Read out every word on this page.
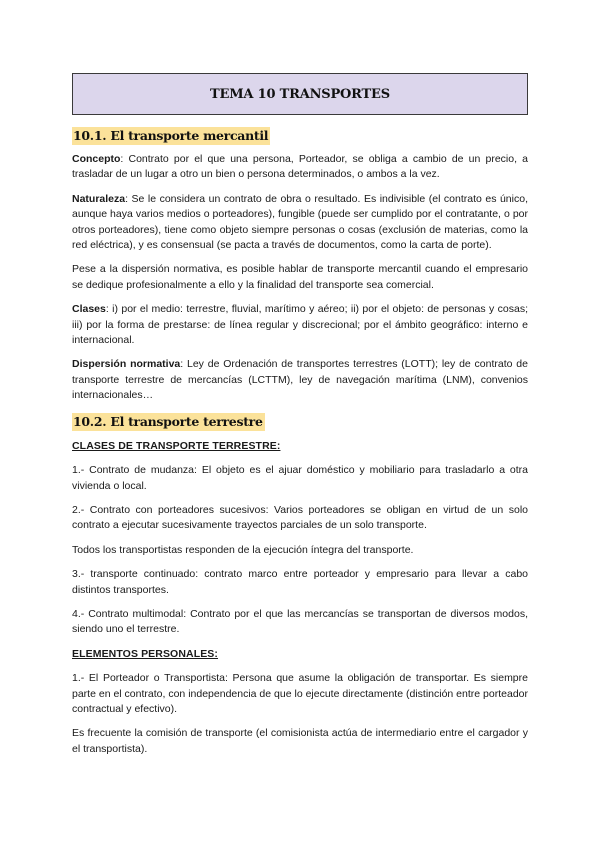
TEMA 10 TRANSPORTES
10.1. El transporte mercantil

Concepto: Contrato por el que una persona, Porteador, se obliga a cambio de un precio, a trasladar de un lugar a otro un bien o persona determinados, o ambos a la vez.

Naturaleza: Se le considera un contrato de obra o resultado. Es indivisible (el contrato es único, aunque haya varios medios o porteadores), fungible (puede ser cumplido por el contratante, o por otros porteadores), tiene como objeto siempre personas o cosas (exclusión de materias, como la red eléctrica), y es consensual (se pacta a través de documentos, como la carta de porte).

Pese a la dispersión normativa, es posible hablar de transporte mercantil cuando el empresario se dedique profesionalmente a ello y la finalidad del transporte sea comercial.

Clases: i) por el medio: terrestre, fluvial, marítimo y aéreo; ii) por el objeto: de personas y cosas; iii) por la forma de prestarse: de línea regular y discrecional; por el ámbito geográfico: interno e internacional.

Dispersión normativa: Ley de Ordenación de transportes terrestres (LOTT); ley de contrato de transporte terrestre de mercancías (LCTTM), ley de navegación marítima (LNM), convenios internacionales…

10.2. El transporte terrestre

CLASES DE TRANSPORTE TERRESTRE:

1.- Contrato de mudanza: El objeto es el ajuar doméstico y mobiliario para trasladarlo a otra vivienda o local.

2.- Contrato con porteadores sucesivos: Varios porteadores se obligan en virtud de un solo contrato a ejecutar sucesivamente trayectos parciales de un solo transporte.

Todos los transportistas responden de la ejecución íntegra del transporte.

3.- transporte continuado: contrato marco entre porteador y empresario para llevar a cabo distintos transportes.

4.- Contrato multimodal: Contrato por el que las mercancías se transportan de diversos modos, siendo uno el terrestre.

ELEMENTOS PERSONALES:

1.- El Porteador o Transportista: Persona que asume la obligación de transportar. Es siempre parte en el contrato, con independencia de que lo ejecute directamente (distinción entre porteador contractual y efectivo).

Es frecuente la comisión de transporte (el comisionista actúa de intermediario entre el cargador y el transportista).
